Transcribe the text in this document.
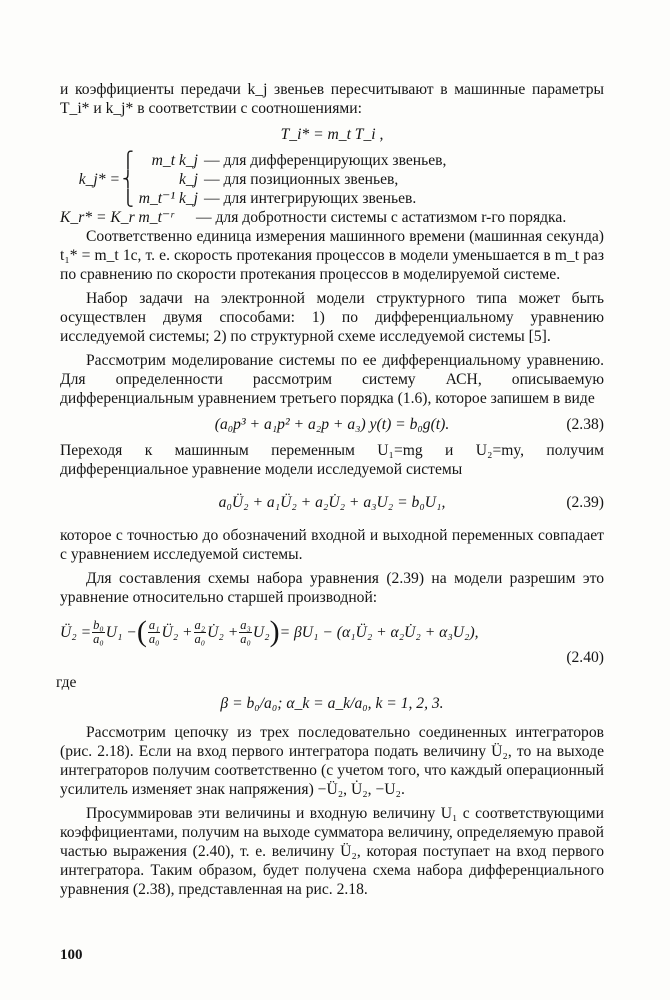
и коэффициенты передачи k_j звеньев пересчитывают в машинные параметры T_i* и k_j* в соответствии с соотношениями:

T_i* = m_t T_i ,
⎧	m_t k_j — для дифференцирующих звеньев,
k_j* = ⎨	k_j — для позиционных звеньев,
⎩ m_t⁻¹ k_j — для интегрирующих звеньев.
K_r* = K_r m_t⁻ʳ	— для добротности системы с астатизмом r-го порядка.

Соответственно единица измерения машинного времени (машинная секунда) t₁* = m_t 1c, т. е. скорость протекания процессов в модели уменьшается в m_t раз по сравнению по скорости протекания процессов в моделируемой системе.

Набор задачи на электронной модели структурного типа может быть осуществлен двумя способами: 1) по дифференциальному уравнению исследуемой системы; 2) по структурной схеме исследуемой системы [5].

Рассмотрим моделирование системы по ее дифференциальному уравнению. Для определенности рассмотрим систему АСН, описываемую дифференциальным уравнением третьего порядка (1.6), которое запишем в виде

(a₀p³ + a₁p² + a₂p + a₃) y(t) = b₀g(t).	(2.38)

Переходя к машинным переменным U₁=mg и U₂=my, получим дифференциальное уравнение модели исследуемой системы

a₀Ü₂ + a₁Ü₂ + a₂U̇₂ + a₃U₂ = b₀U₁,	(2.39)

которое с точностью до обозначений входной и выходной переменных совпадает с уравнением исследуемой системы.

Для составления схемы набора уравнения (2.39) на модели разрешим это уравнение относительно старшей производной:

Ü₂ = $\frac{\text{b₀}}{\text{a₀}} U_1$ − ( $\frac{\text{a₁}}{\text{a₀}}$ Ü₂ + $\frac{\text{a₂}}{\text{a₀}}$ U̇₂ + $\frac{\text{a₃}}{\text{a₀}} U_2$ ) = βU₁ − (α₁Ü₂ + α₂U̇₂ + α₃U₂),
(2.40)
где
β = b₀/a₀; α_k = a_k/a₀, k = 1, 2, 3.

Рассмотрим цепочку из трех последовательно соединенных интеграторов (рис. 2.18). Если на вход первого интегратора подать величину Ü₂, то на выходе интеграторов получим соответственно (с учетом того, что каждый операционный усилитель изменяет знак напряжения) −Ü₂, U̇₂, −U₂.

Просуммировав эти величины и входную величину U₁ с соответствующими коэффициентами, получим на выходе сумматора величину, определяемую правой частью выражения (2.40), т. е. величину Ü₂, которая поступает на вход первого интегратора. Таким образом, будет получена схема набора дифференциального уравнения (2.38), представленная на рис. 2.18.

100
